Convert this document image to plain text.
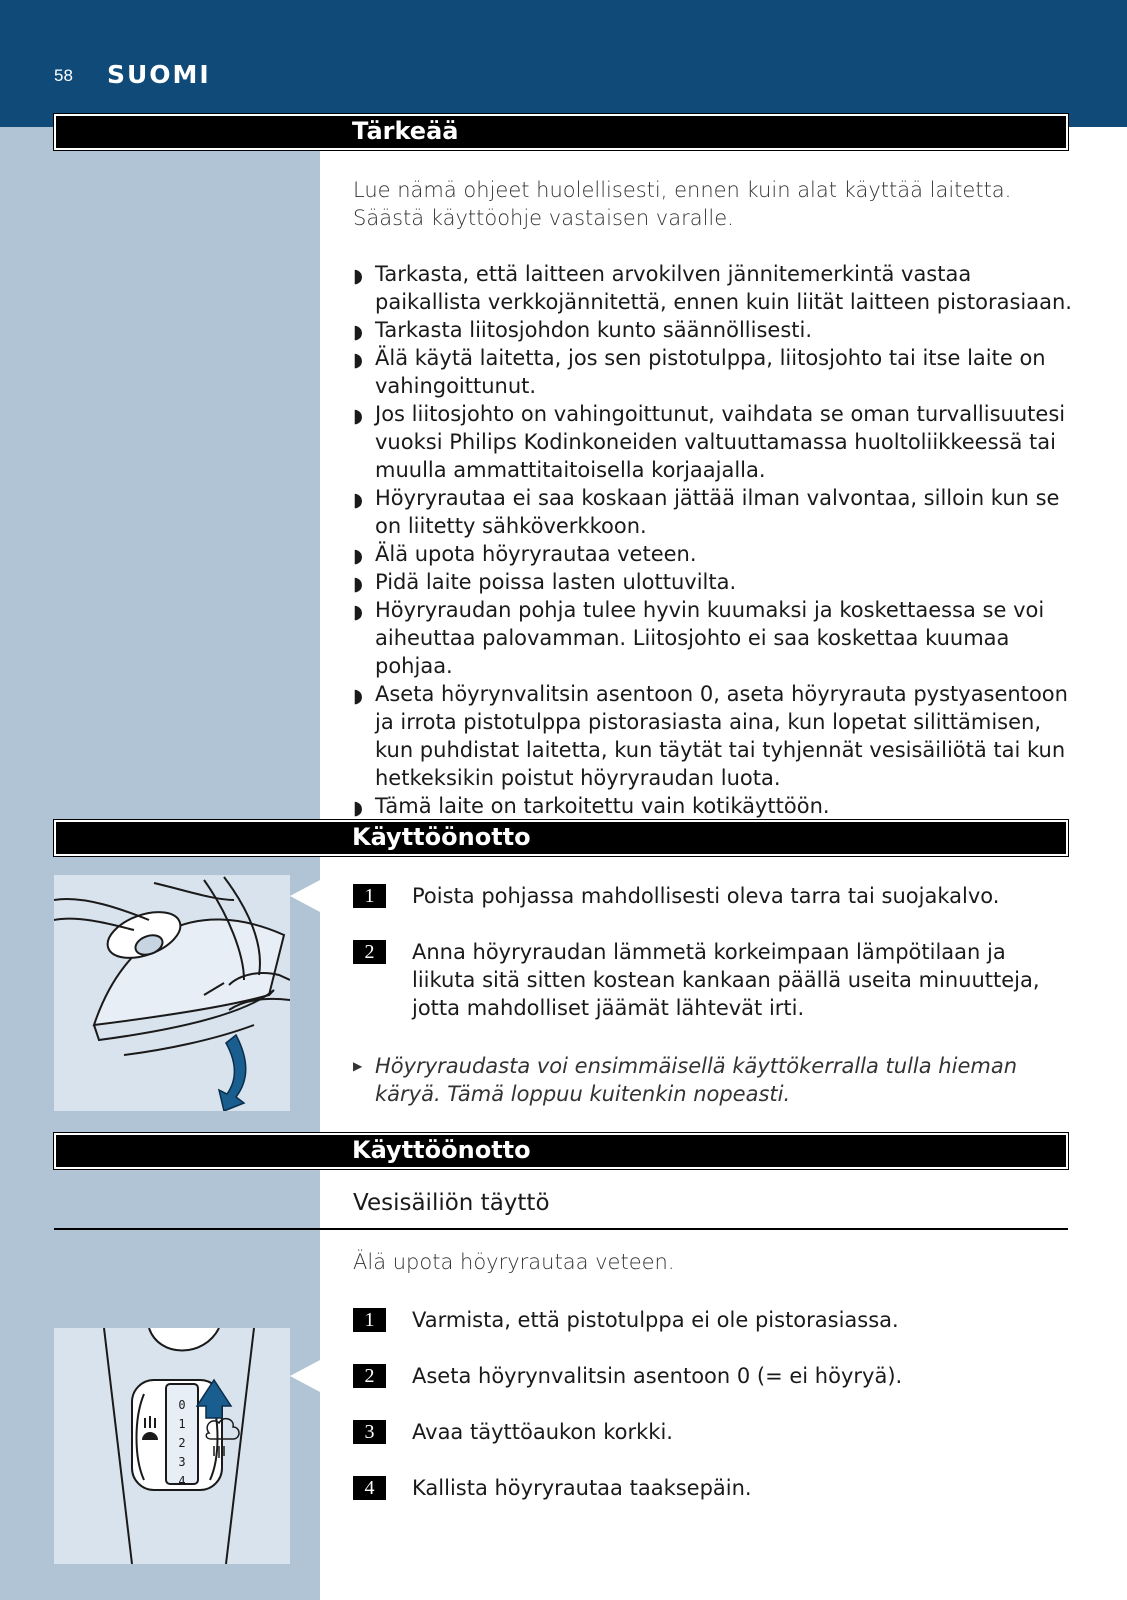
58 SUOMI
Tärkeää
Lue nämä ohjeet huolellisesti, ennen kuin alat käyttää laitetta. Säästä käyttöohje vastaisen varalle.
◗ Tarkasta, että laitteen arvokilven jännitemerkintä vastaa paikallista verkkojännitettä, ennen kuin liität laitteen pistorasiaan.
◗ Tarkasta liitosjohdon kunto säännöllisesti.
◗ Älä käytä laitetta, jos sen pistotulppa, liitosjohto tai itse laite on vahingoittunut.
◗ Jos liitosjohto on vahingoittunut, vaihdata se oman turvallisuutesi vuoksi Philips Kodinkoneiden valtuuttamassa huoltoliikkeessä tai muulla ammattitaitoisella korjaajalla.
◗ Höyryrautaa ei saa koskaan jättää ilman valvontaa, silloin kun se on liitetty sähköverkkoon.
◗ Älä upota höyryrautaa veteen.
◗ Pidä laite poissa lasten ulottuvilta.
◗ Höyryraudan pohja tulee hyvin kuumaksi ja koskettaessa se voi aiheuttaa palovamman. Liitosjohto ei saa koskettaa kuumaa pohjaa.
◗ Aseta höyrynvalitsin asentoon 0, aseta höyryrauta pystyasentoon ja irrota pistotulppa pistorasiasta aina, kun lopetat silittämisen, kun puhdistat laitetta, kun täytät tai tyhjennät vesisäiliötä tai kun hetkeksikin poistut höyryraudan luota.
◗ Tämä laite on tarkoitettu vain kotikäyttöön.
Käyttöönotto
1	Poista pohjassa mahdollisesti oleva tarra tai suojakalvo.
2	Anna höyryraudan lämmetä korkeimpaan lämpötilaan ja liikuta sitä sitten kostean kankaan päällä useita minuutteja, jotta mahdolliset jäämät lähtevät irti.
▶ Höyryraudasta voi ensimmäisellä käyttökerralla tulla hieman käryä. Tämä loppuu kuitenkin nopeasti.
Käyttöönotto
Vesisäiliön täyttö
Älä upota höyryrautaa veteen.
0
1
2
3
4
1	Varmista, että pistotulppa ei ole pistorasiassa.
2	Aseta höyrynvalitsin asentoon 0 (= ei höyryä).
3	Avaa täyttöaukon korkki.
4	Kallista höyryrautaa taaksepäin.
